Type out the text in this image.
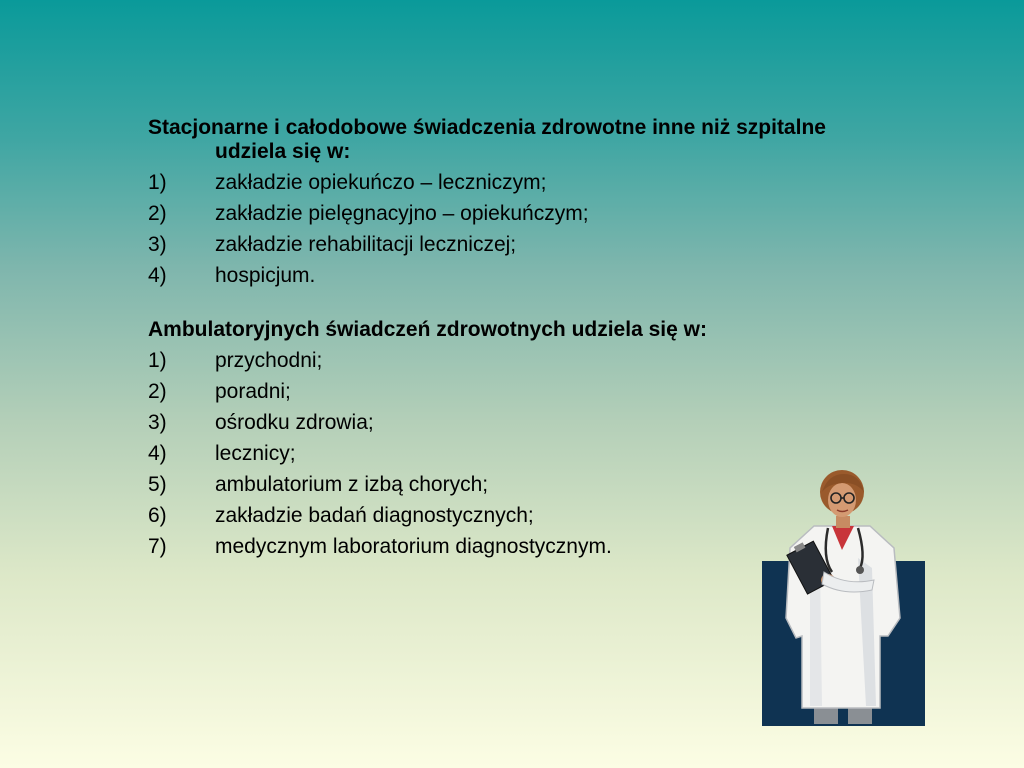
Stacjonarne i całodobowe świadczenia zdrowotne inne niż szpitalne udziela się w:

1)	zakładzie opiekuńczo – leczniczym;
2)	zakładzie pielęgnacyjno – opiekuńczym;
3)	zakładzie rehabilitacji leczniczej;
4)	hospicjum.

Ambulatoryjnych świadczeń zdrowotnych udziela się w:

1)	przychodni;
2)	poradni;
3)	ośrodku zdrowia;
4)	lecznicy;
5)	ambulatorium z izbą chorych;
6)	zakładzie badań diagnostycznych;
7)	medycznym laboratorium diagnostycznym.
